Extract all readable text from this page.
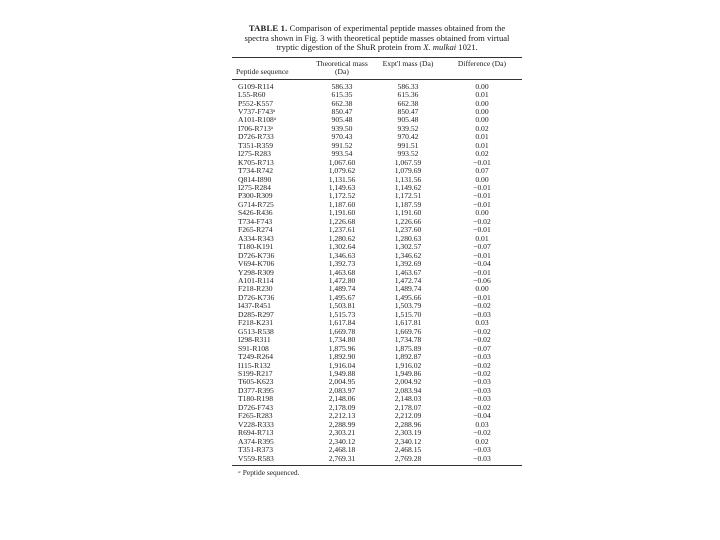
TABLE 1. Comparison of experimental peptide masses obtained from the spectra shown in Fig. 3 with theoretical peptide masses obtained from virtual tryptic digestion of the ShuR protein from X. mulkai 1021.
Peptide sequence	Theoretical mass (Da)	Expt'l mass (Da)	Difference (Da)

G109-R114	586.33	586.33	0.00
L55-R60	615.35	615.36	0.01
P552-K557	662.38	662.38	0.00
V737-F743ᵃ	850.47	850.47	0.00
A101-R108ᵃ	905.48	905.48	0.00
I706-R713ᵃ	939.50	939.52	0.02
D726-R733	970.43	970.42	0.01
T351-R359	991.52	991.51	0.01
I275-R283	993.54	993.52	0.02
K705-R713	1,067.60	1,067.59	−0.01
T734-R742	1,079.62	1,079.69	0.07
Q814-I890	1,131.56	1,131.56	0.00
I275-R284	1,149.63	1,149.62	−0.01
P300-R309	1,172.52	1,172.51	−0.01
G714-R725	1,187.60	1,187.59	−0.01
S426-R436	1,191.60	1,191.60	0.00
T734-F743	1,226.68	1,226.66	−0.02
F265-R274	1,237.61	1,237.60	−0.01
A334-R343	1,280.62	1,280.63	0.01
T180-K191	1,302.64	1,302.57	−0.07
D726-K736	1,346.63	1,346.62	−0.01
V694-K706	1,392.73	1,392.69	−0.04
Y298-R309	1,463.68	1,463.67	−0.01
A101-R114	1,472.80	1,472.74	−0.06
F218-R230	1,489.74	1,489.74	0.00
D726-K736	1,495.67	1,495.66	−0.01
I437-R451	1,503.81	1,503.79	−0.02
D285-R297	1,515.73	1,515.70	−0.03
F218-K231	1,617.84	1,617.81	0.03
G513-R538	1,669.78	1,669.76	−0.02
I298-R311	1,734.80	1,734.78	−0.02
S91-R108	1,875.96	1,875.89	−0.07
T249-R264	1,892.90	1,892.87	−0.03
I115-R132	1,916.04	1,916.02	−0.02
S199-R217	1,949.88	1,949.86	−0.02
T605-K623	2,004.95	2,004.92	−0.03
D377-R395	2,083.97	2,083.94	−0.03
T180-R198	2,148.06	2,148.03	−0.03
D726-F743	2,178.09	2,178.07	−0.02
F265-R283	2,212.13	2,212.09	−0.04
V228-R333	2,288.99	2,288.96	0.03
R694-R713	2,303.21	2,303.19	−0.02
A374-R395	2,340.12	2,340.12	0.02
T351-R373	2,468.18	2,468.15	−0.03
V559-R583	2,769.31	2,769.28	−0.03
ᵃ Peptide sequenced.
